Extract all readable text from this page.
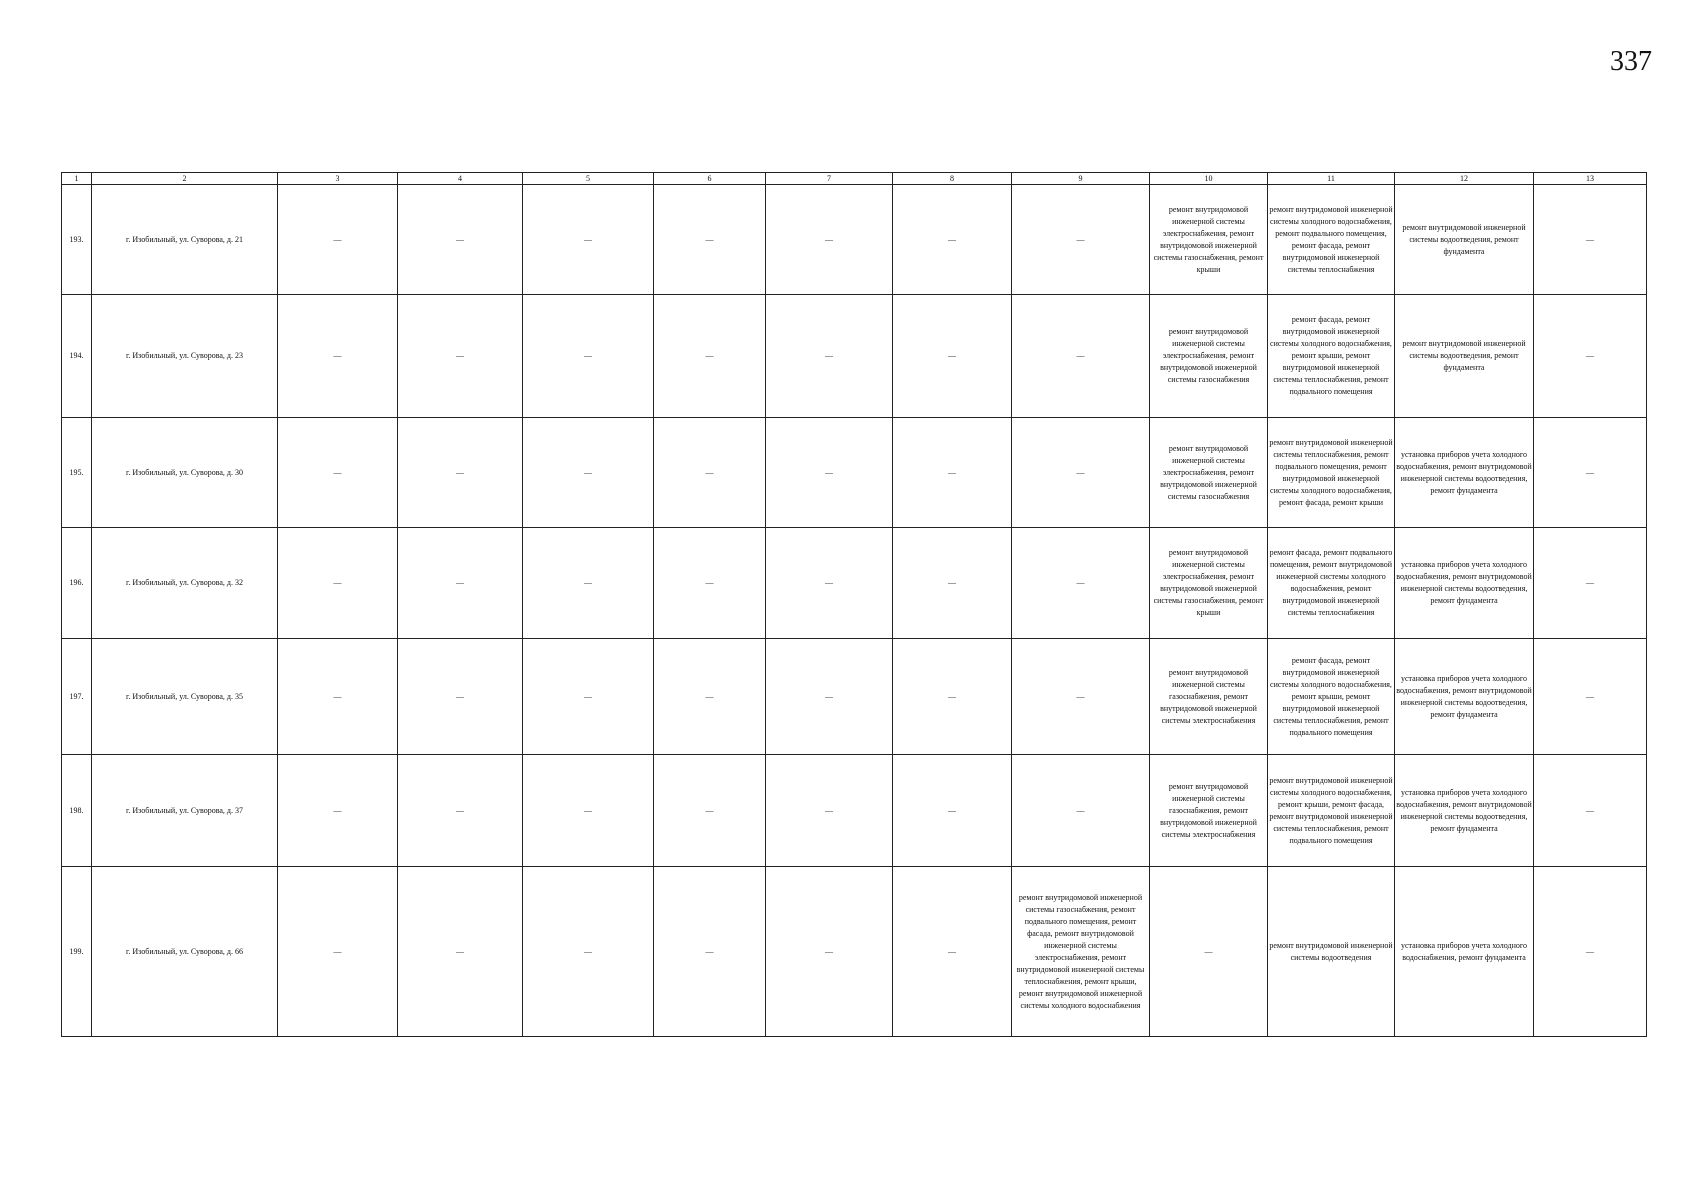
337
1	2	3	4	5	6	7	8	9	10	11	12	13
193.	г. Изобильный, ул. Суворова, д. 21	—	—	—	—	—	—	—	ремонт внутридомовой инженерной системы электроснабжения, ремонт внутридомовой инженерной системы газоснабжения, ремонт крыши	ремонт внутридомовой инженерной системы холодного водоснабжения, ремонт подвального помещения, ремонт фасада, ремонт внутридомовой инженерной системы теплоснабжения	ремонт внутридомовой инженерной системы водоотведения, ремонт фундамента	—
194.	г. Изобильный, ул. Суворова, д. 23	—	—	—	—	—	—	—	ремонт внутридомовой инженерной системы электроснабжения, ремонт внутридомовой инженерной системы газоснабжения	ремонт фасада, ремонт внутридомовой инженерной системы холодного водоснабжения, ремонт крыши, ремонт внутридомовой инженерной системы теплоснабжения, ремонт подвального помещения	ремонт внутридомовой инженерной системы водоотведения, ремонт фундамента	—
195.	г. Изобильный, ул. Суворова, д. 30	—	—	—	—	—	—	—	ремонт внутридомовой инженерной системы электроснабжения, ремонт внутридомовой инженерной системы газоснабжения	ремонт внутридомовой инженерной системы теплоснабжения, ремонт подвального помещения, ремонт внутридомовой инженерной системы холодного водоснабжения, ремонт фасада, ремонт крыши	установка приборов учета холодного водоснабжения, ремонт внутридомовой инженерной системы водоотведения, ремонт фундамента	—
196.	г. Изобильный, ул. Суворова, д. 32	—	—	—	—	—	—	—	ремонт внутридомовой инженерной системы электроснабжения, ремонт внутридомовой инженерной системы газоснабжения, ремонт крыши	ремонт фасада, ремонт подвального помещения, ремонт внутридомовой инженерной системы холодного водоснабжения, ремонт внутридомовой инженерной системы теплоснабжения	установка приборов учета холодного водоснабжения, ремонт внутридомовой инженерной системы водоотведения, ремонт фундамента	—
197.	г. Изобильный, ул. Суворова, д. 35	—	—	—	—	—	—	—	ремонт внутридомовой инженерной системы газоснабжения, ремонт внутридомовой инженерной системы электроснабжения	ремонт фасада, ремонт внутридомовой инженерной системы холодного водоснабжения, ремонт крыши, ремонт внутридомовой инженерной системы теплоснабжения, ремонт подвального помещения	установка приборов учета холодного водоснабжения, ремонт внутридомовой инженерной системы водоотведения, ремонт фундамента	—
198.	г. Изобильный, ул. Суворова, д. 37	—	—	—	—	—	—	—	ремонт внутридомовой инженерной системы газоснабжения, ремонт внутридомовой инженерной системы электроснабжения	ремонт внутридомовой инженерной системы холодного водоснабжения, ремонт крыши, ремонт фасада, ремонт внутридомовой инженерной системы теплоснабжения, ремонт подвального помещения	установка приборов учета холодного водоснабжения, ремонт внутридомовой инженерной системы водоотведения, ремонт фундамента	—
199.	г. Изобильный, ул. Суворова, д. 66	—	—	—	—	—	—	ремонт внутридомовой инженерной системы газоснабжения, ремонт подвального помещения, ремонт фасада, ремонт внутридомовой инженерной системы электроснабжения, ремонт внутридомовой инженерной системы теплоснабжения, ремонт крыши, ремонт внутридомовой инженерной системы холодного водоснабжения	—	ремонт внутридомовой инженерной системы водоотведения	установка приборов учета холодного водоснабжения, ремонт фундамента	—
